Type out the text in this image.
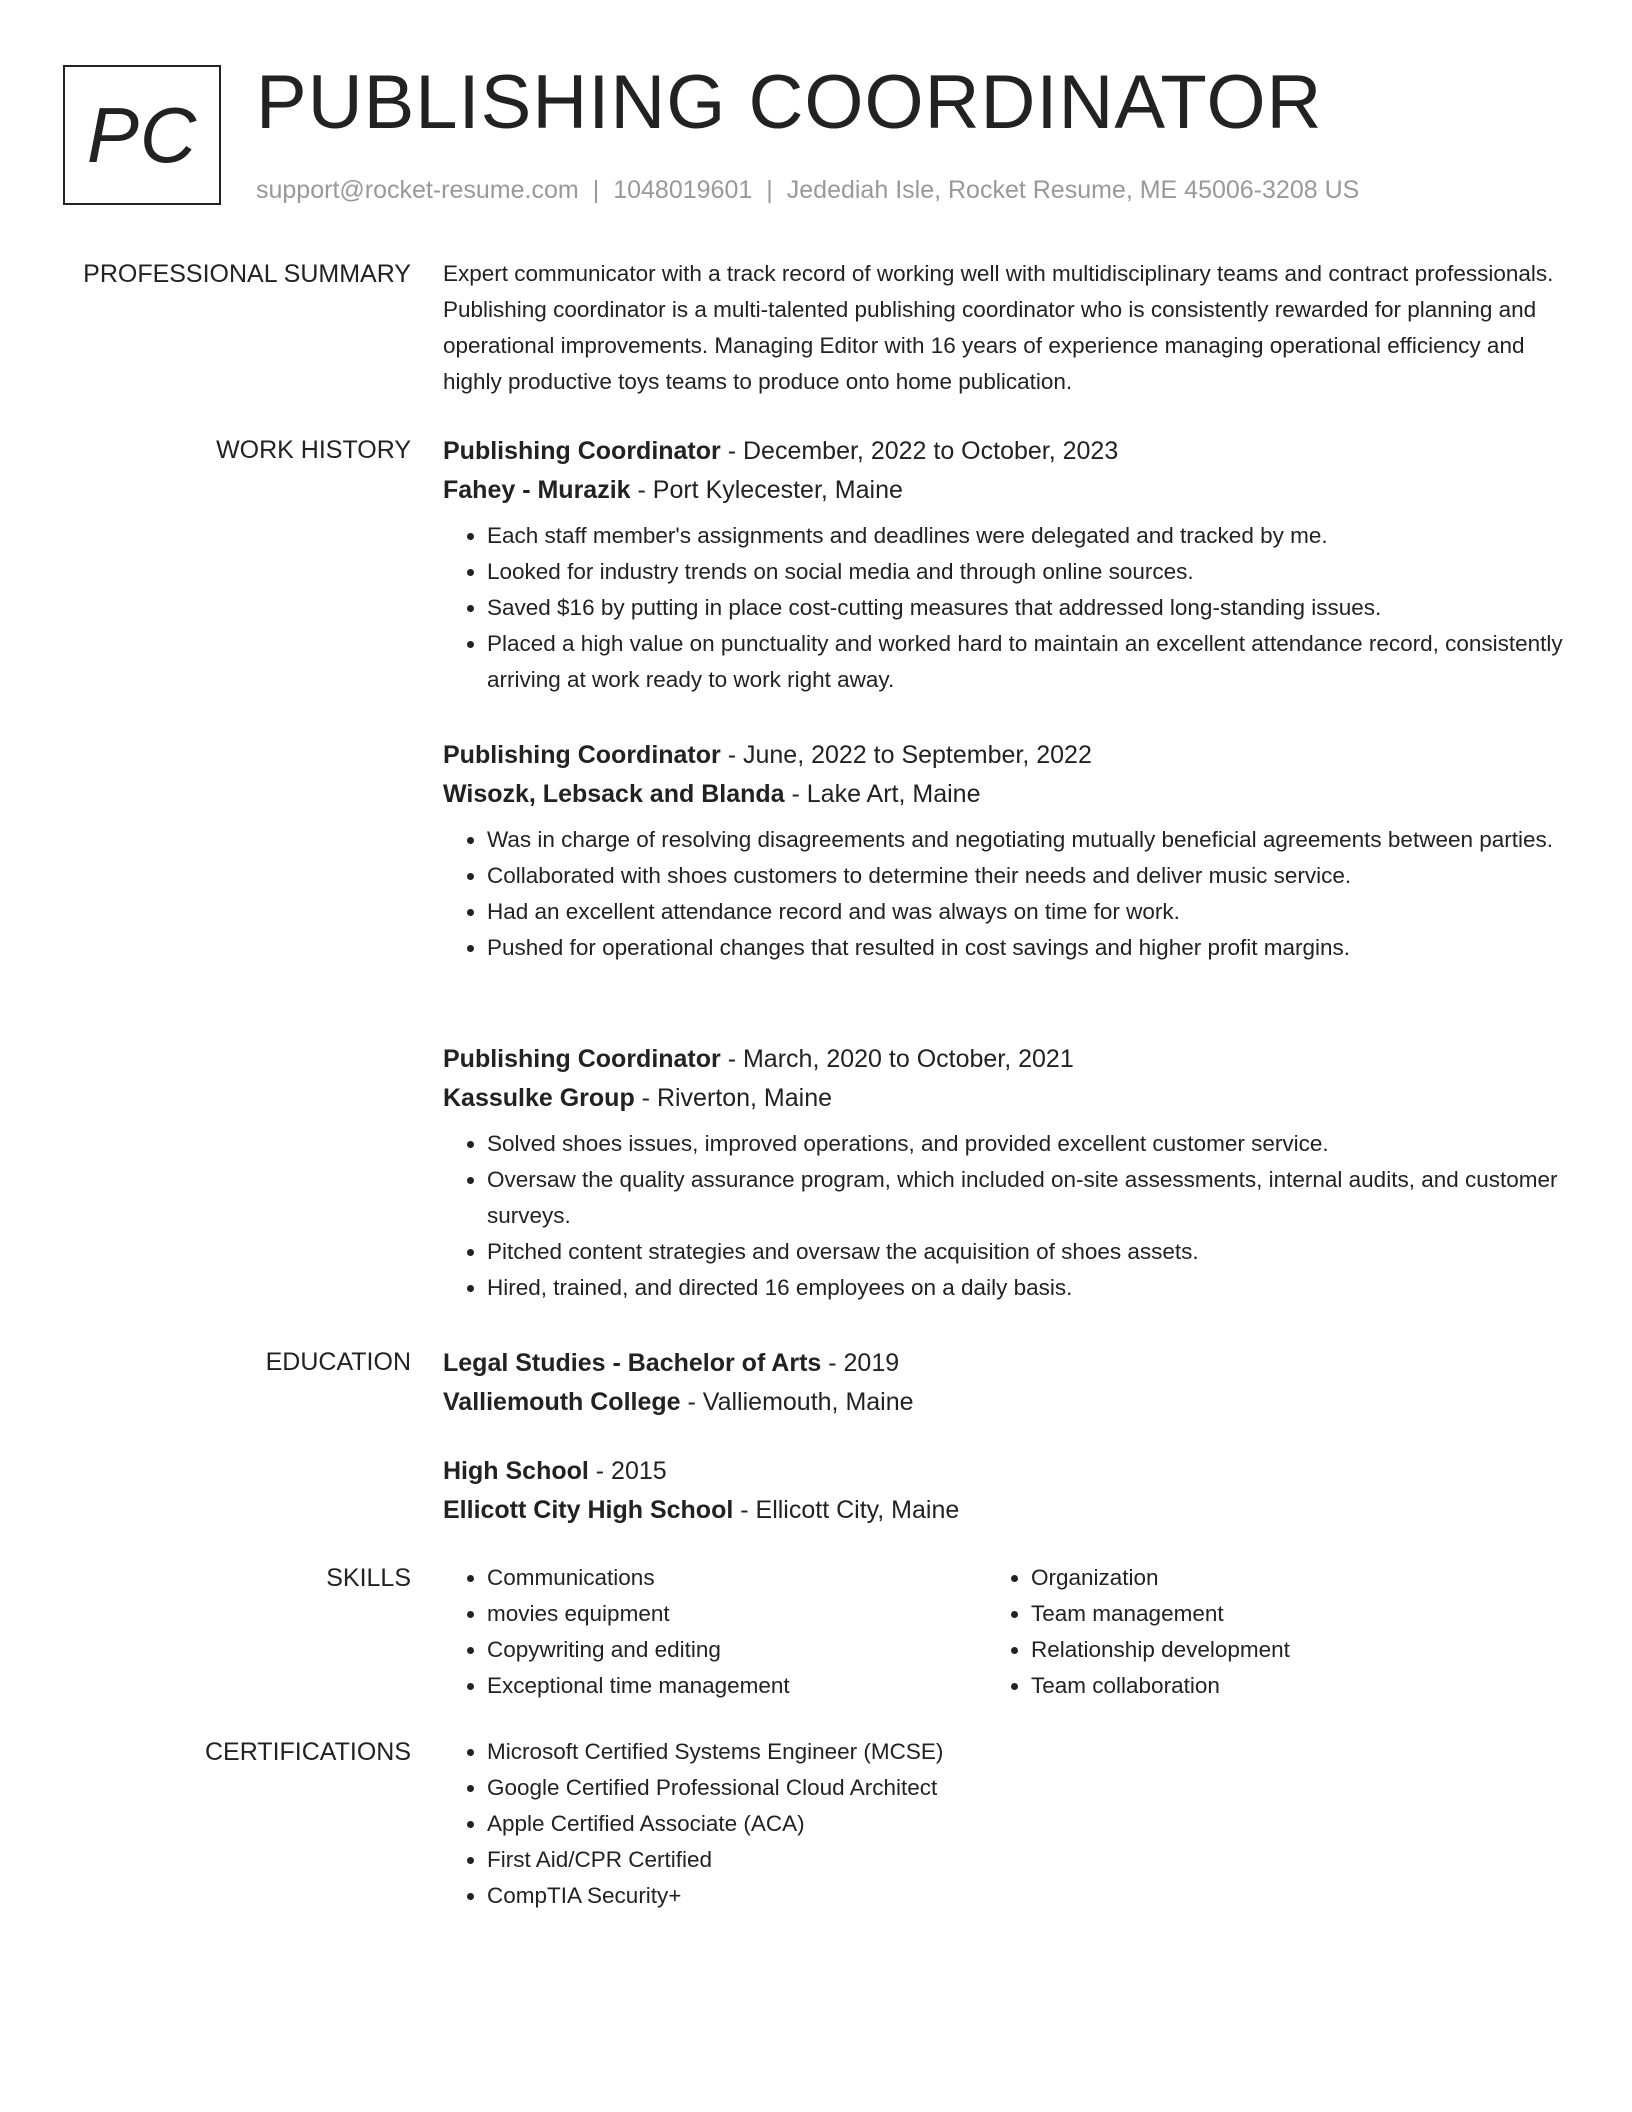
PC PUBLISHING COORDINATOR
support@rocket-resume.com | 1048019601 | Jedediah Isle, Rocket Resume, ME 45006-3208 US
PROFESSIONAL SUMMARY Expert communicator with a track record of working well with multidisciplinary teams and contract professionals. Publishing coordinator is a multi-talented publishing coordinator who is consistently rewarded for planning and operational improvements. Managing Editor with 16 years of experience managing operational efficiency and highly productive toys teams to produce onto home publication.

WORK HISTORY Publishing Coordinator - December, 2022 to October, 2023
Fahey - Murazik - Port Kylecester, Maine
• Each staff member's assignments and deadlines were delegated and tracked by me.
• Looked for industry trends on social media and through online sources.
• Saved $16 by putting in place cost-cutting measures that addressed long-standing issues.
• Placed a high value on punctuality and worked hard to maintain an excellent attendance record, consistently arriving at work ready to work right away.
Publishing Coordinator - June, 2022 to September, 2022
Wisozk, Lebsack and Blanda - Lake Art, Maine
• Was in charge of resolving disagreements and negotiating mutually beneficial agreements between parties.
• Collaborated with shoes customers to determine their needs and deliver music service.
• Had an excellent attendance record and was always on time for work.
• Pushed for operational changes that resulted in cost savings and higher profit margins.
Publishing Coordinator - March, 2020 to October, 2021
Kassulke Group - Riverton, Maine
• Solved shoes issues, improved operations, and provided excellent customer service.
• Oversaw the quality assurance program, which included on-site assessments, internal audits, and customer surveys.
• Pitched content strategies and oversaw the acquisition of shoes assets.
• Hired, trained, and directed 16 employees on a daily basis.
EDUCATION Legal Studies - Bachelor of Arts - 2019
Valliemouth College - Valliemouth, Maine
High School - 2015
Ellicott City High School - Ellicott City, Maine
SKILLS	• Communications
• movies equipment
• Copywriting and editing
• Exceptional time management
• Organization
• Team management
• Relationship development
• Team collaboration
CERTIFICATIONS	• Microsoft Certified Systems Engineer (MCSE)
• Google Certified Professional Cloud Architect
• Apple Certified Associate (ACA)
• First Aid/CPR Certified
• CompTIA Security+
